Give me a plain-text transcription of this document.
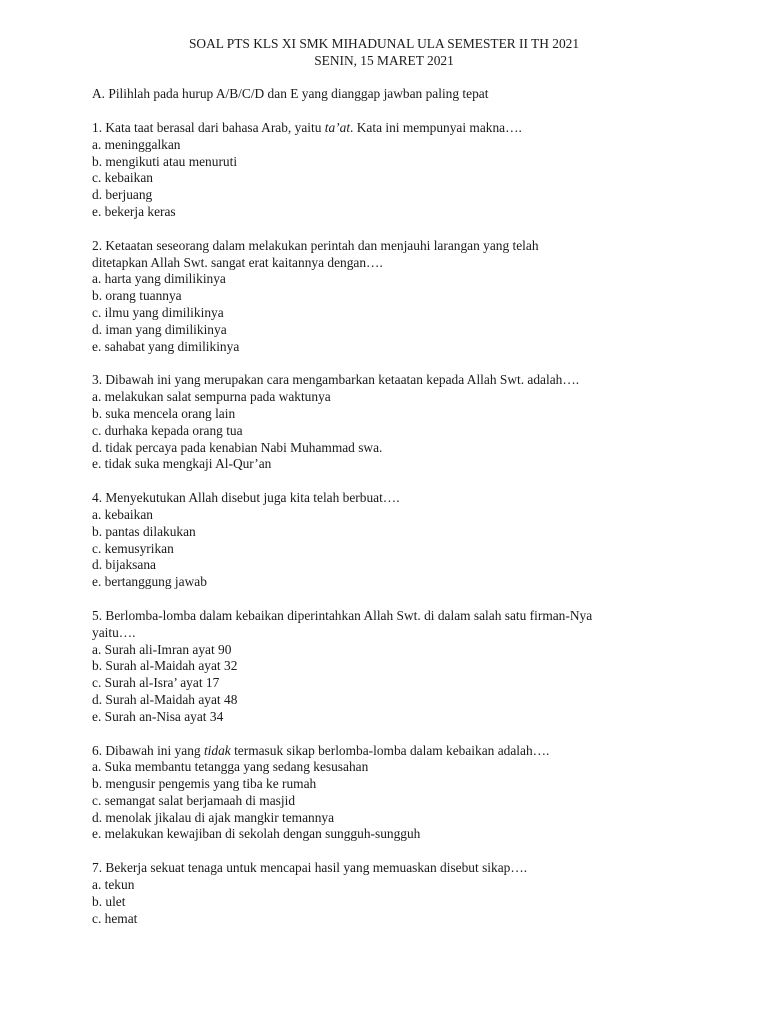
SOAL PTS KLS XI SMK MIHADUNAL ULA SEMESTER II TH 2021
SENIN, 15 MARET 2021
A. Pilihlah pada hurup A/B/C/D dan E yang dianggap jawban paling tepat
1. Kata taat berasal dari bahasa Arab, yaitu ta’at. Kata ini mempunyai makna….
a. meninggalkan
b. mengikuti atau menuruti
c. kebaikan
d. berjuang
e. bekerja keras
2. Ketaatan seseorang dalam melakukan perintah dan menjauhi larangan yang telah
ditetapkan Allah Swt. sangat erat kaitannya dengan….
a. harta yang dimilikinya
b. orang tuannya
c. ilmu yang dimilikinya
d. iman yang dimilikinya
e. sahabat yang dimilikinya
3. Dibawah ini yang merupakan cara mengambarkan ketaatan kepada Allah Swt. adalah….
a. melakukan salat sempurna pada waktunya
b. suka mencela orang lain
c. durhaka kepada orang tua
d. tidak percaya pada kenabian Nabi Muhammad swa.
e. tidak suka mengkaji Al-Qur’an
4. Menyekutukan Allah disebut juga kita telah berbuat….
a. kebaikan
b. pantas dilakukan
c. kemusyrikan
d. bijaksana
e. bertanggung jawab
5. Berlomba-lomba dalam kebaikan diperintahkan Allah Swt. di dalam salah satu firman-Nya
yaitu….
a. Surah ali-Imran ayat 90
b. Surah al-Maidah ayat 32
c. Surah al-Isra’ ayat 17
d. Surah al-Maidah ayat 48
e. Surah an-Nisa ayat 34
6. Dibawah ini yang tidak termasuk sikap berlomba-lomba dalam kebaikan adalah….
a. Suka membantu tetangga yang sedang kesusahan
b. mengusir pengemis yang tiba ke rumah
c. semangat salat berjamaah di masjid
d. menolak jikalau di ajak mangkir temannya
e. melakukan kewajiban di sekolah dengan sungguh-sungguh
7. Bekerja sekuat tenaga untuk mencapai hasil yang memuaskan disebut sikap….
a. tekun
b. ulet
c. hemat
